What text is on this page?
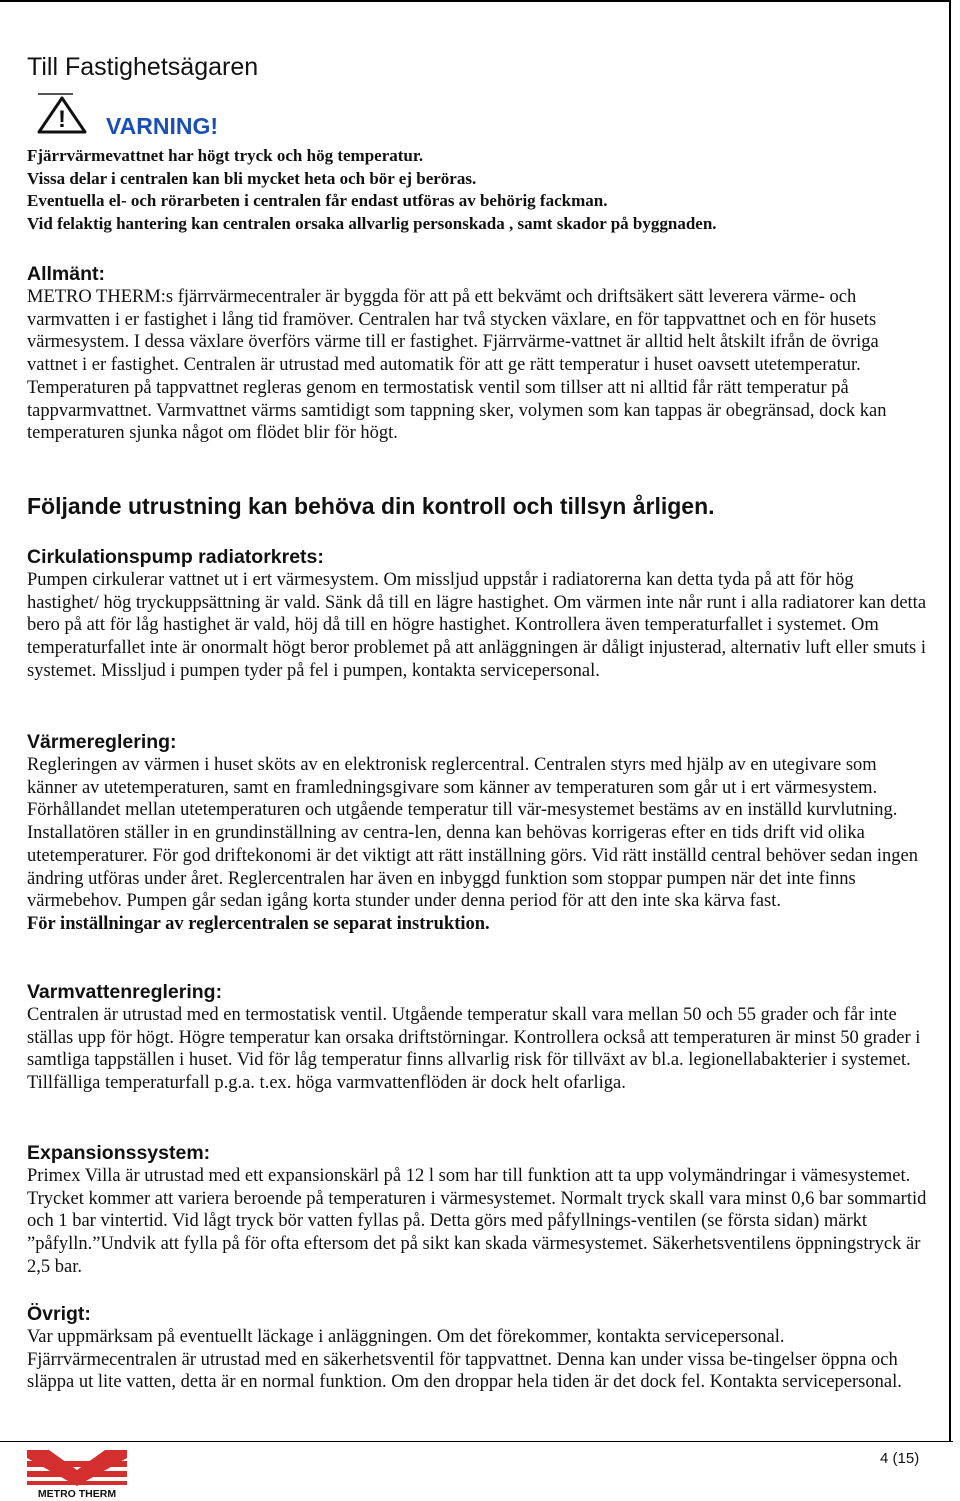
Till Fastighetsägaren
! VARNING!
Fjärrvärmevattnet har högt tryck och hög temperatur.
Vissa delar i centralen kan bli mycket heta och bör ej beröras.
Eventuella el- och rörarbeten i centralen får endast utföras av behörig fackman.
Vid felaktig hantering kan centralen orsaka allvarlig personskada , samt skador på byggnaden.
Allmänt:

METRO THERM:s fjärrvärmecentraler är byggda för att på ett bekvämt och driftsäkert sätt leverera värme- och varmvatten i er fastighet i lång tid framöver. Centralen har två stycken växlare, en för tappvattnet och en för husets värmesystem. I dessa växlare överförs värme till er fastighet. Fjärrvärme-vattnet är alltid helt åtskilt ifrån de övriga vattnet i er fastighet. Centralen är utrustad med automatik för att ge rätt temperatur i huset oavsett utetemperatur. Temperaturen på tappvattnet regleras genom en termostatisk ventil som tillser att ni alltid får rätt temperatur på tappvarmvattnet. Varmvattnet värms samtidigt som tappning sker, volymen som kan tappas är obegränsad, dock kan temperaturen sjunka något om flödet blir för högt.

Följande utrustning kan behöva din kontroll och tillsyn årligen.
Cirkulationspump radiatorkrets:

Pumpen cirkulerar vattnet ut i ert värmesystem. Om missljud uppstår i radiatorerna kan detta tyda på att för hög hastighet/ hög tryckuppsättning är vald. Sänk då till en lägre hastighet. Om värmen inte når runt i alla radiatorer kan detta bero på att för låg hastighet är vald, höj då till en högre hastighet. Kontrollera även temperaturfallet i systemet. Om temperaturfallet inte är onormalt högt beror problemet på att anläggningen är dåligt injusterad, alternativ luft eller smuts i systemet. Missljud i pumpen tyder på fel i pumpen, kontakta servicepersonal.

Värmereglering:

Regleringen av värmen i huset sköts av en elektronisk reglercentral. Centralen styrs med hjälp av en utegivare som känner av utetemperaturen, samt en framledningsgivare som känner av temperaturen som går ut i ert värmesystem. Förhållandet mellan utetemperaturen och utgående temperatur till vär-mesystemet bestäms av en inställd kurvlutning. Installatören ställer in en grundinställning av centra-len, denna kan behövas korrigeras efter en tids drift vid olika utetemperaturer. För god driftekonomi är det viktigt att rätt inställning görs. Vid rätt inställd central behöver sedan ingen ändring utföras under året. Reglercentralen har även en inbyggd funktion som stoppar pumpen när det inte finns värmebehov. Pumpen går sedan igång korta stunder under denna period för att den inte ska kärva fast.

För inställningar av reglercentralen se separat instruktion.

Varmvattenreglering:

Centralen är utrustad med en termostatisk ventil. Utgående temperatur skall vara mellan 50 och 55 grader och får inte ställas upp för högt. Högre temperatur kan orsaka driftstörningar. Kontrollera också att temperaturen är minst 50 grader i samtliga tappställen i huset. Vid för låg temperatur finns allvarlig risk för tillväxt av bl.a. legionellabakterier i systemet. Tillfälliga temperaturfall p.g.a. t.ex. höga varmvattenflöden är dock helt ofarliga.

Expansionssystem:

Primex Villa är utrustad med ett expansionskärl på 12 l som har till funktion att ta upp volymändringar i vämesystemet. Trycket kommer att variera beroende på temperaturen i värmesystemet. Normalt tryck skall vara minst 0,6 bar sommartid och 1 bar vintertid. Vid lågt tryck bör vatten fyllas på. Detta görs med påfyllnings-ventilen (se första sidan) märkt ”påfylln.”Undvik att fylla på för ofta eftersom det på sikt kan skada värmesystemet. Säkerhetsventilens öppningstryck är 2,5 bar.

Övrigt:

Var uppmärksam på eventuellt läckage i anläggningen. Om det förekommer, kontakta servicepersonal. Fjärrvärmecentralen är utrustad med en säkerhetsventil för tappvattnet. Denna kan under vissa be-tingelser öppna och släppa ut lite vatten, detta är en normal funktion. Om den droppar hela tiden är det dock fel. Kontakta servicepersonal.

METRO THERM
4 (15)
